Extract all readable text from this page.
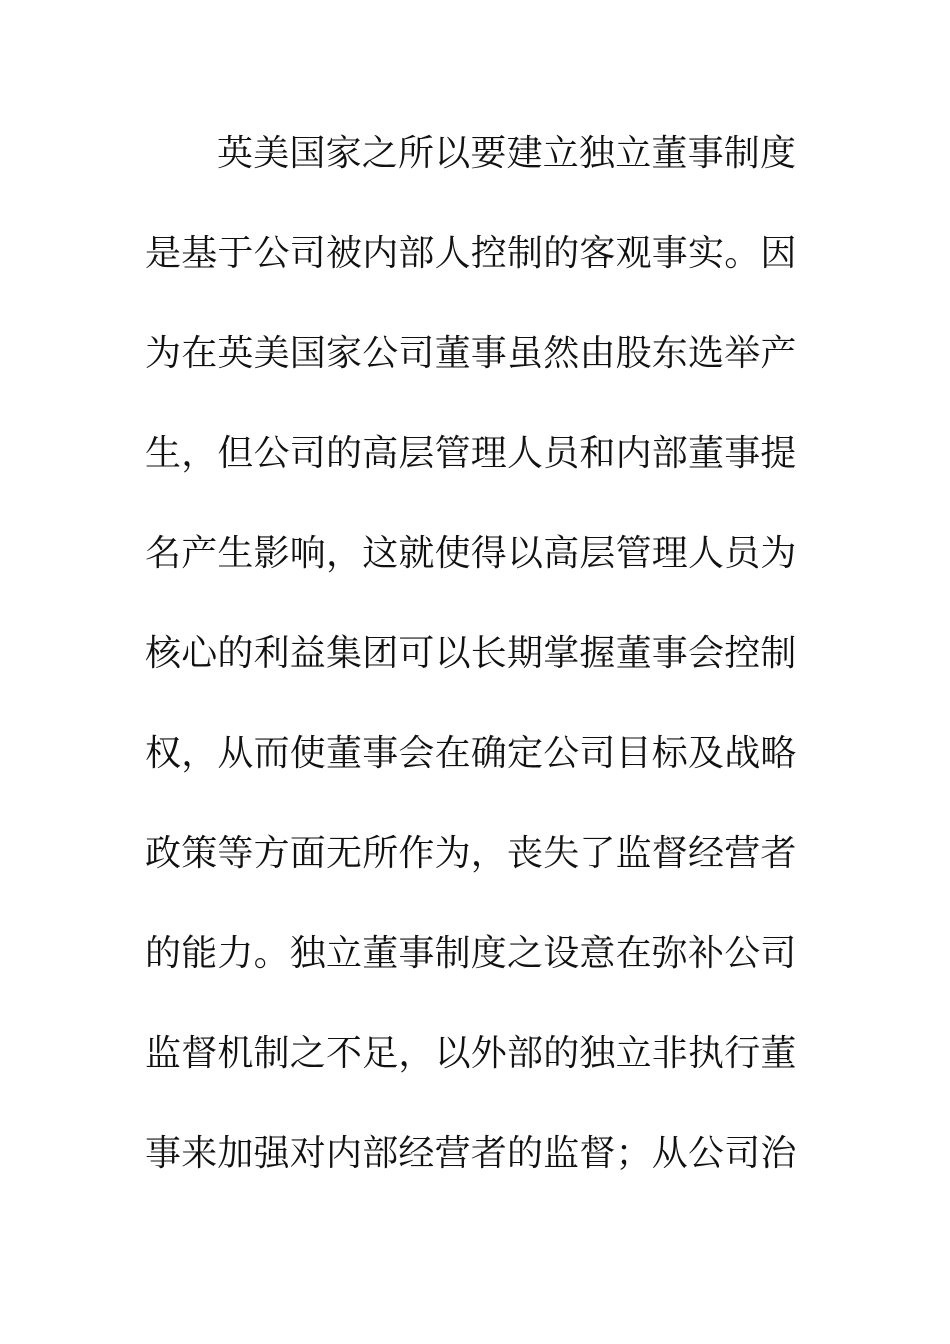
英美国家之所以要建立独立董事制度
是基于公司被内部人控制的客观事实。因
为在英美国家公司董事虽然由股东选举产
生，但公司的高层管理人员和内部董事提
名产生影响，这就使得以高层管理人员为
核心的利益集团可以长期掌握董事会控制
权，从而使董事会在确定公司目标及战略
政策等方面无所作为，丧失了监督经营者
的能力。独立董事制度之设意在弥补公司
监督机制之不足，以外部的独立非执行董
事来加强对内部经营者的监督；从公司治
